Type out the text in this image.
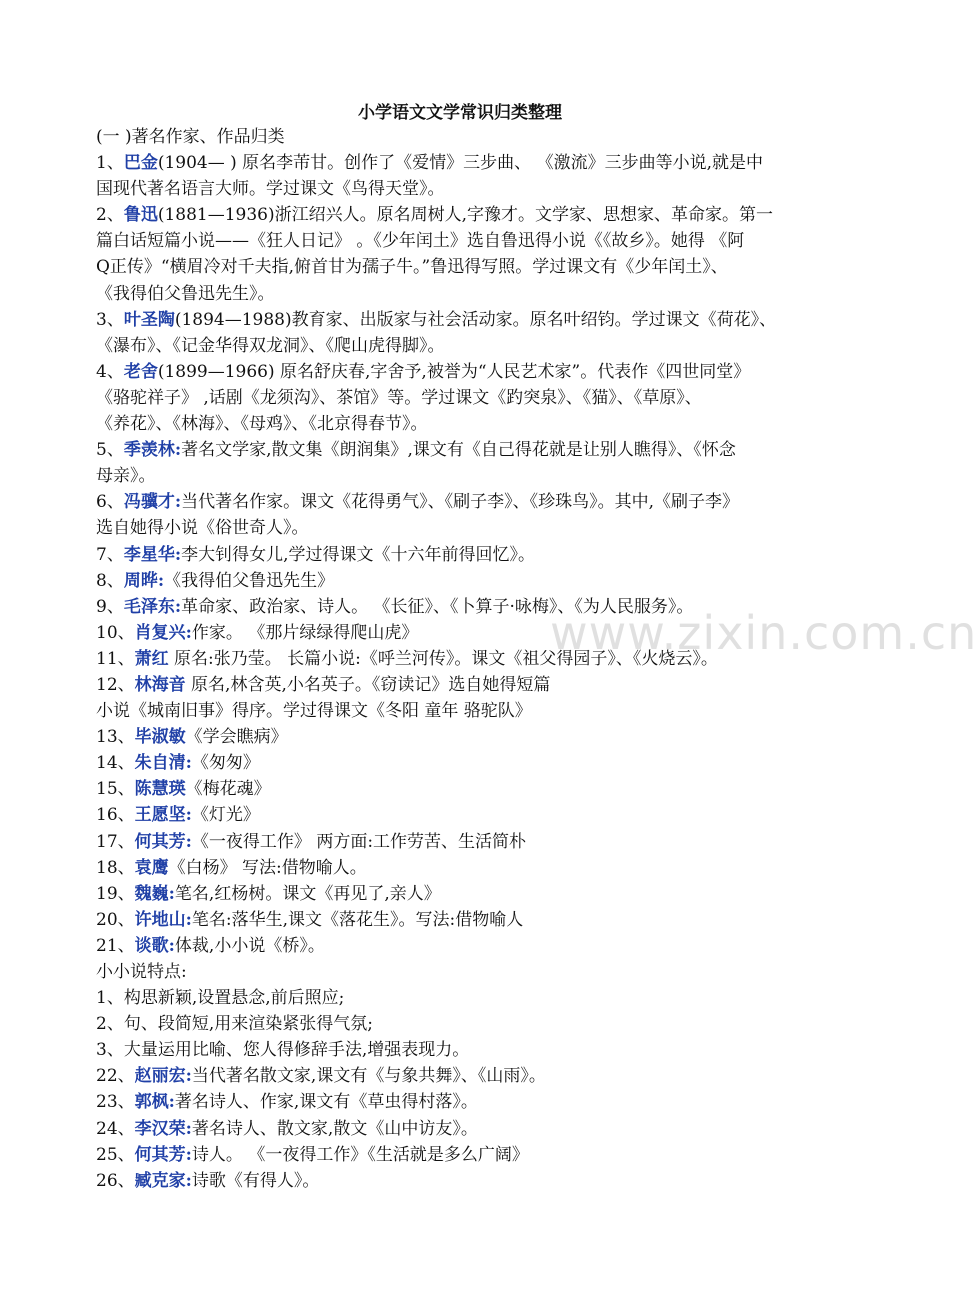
小学语文文学常识归类整理

(一 )著名作家、作品归类

1、巴金(1904— ) 原名李芾甘。创作了《爱情》三步曲、 《激流》三步曲等小说,就是中

国现代著名语言大师。学过课文《鸟得天堂》。

2、鲁迅(1881—1936)浙江绍兴人。原名周树人,字豫才。文学家、思想家、革命家。第一

篇白话短篇小说——《狂人日记》 。《少年闰土》选自鲁迅得小说《《故乡》。她得 《阿

Q正传》“横眉冷对千夫指,俯首甘为孺子牛。”鲁迅得写照。学过课文有《少年闰土》、

《我得伯父鲁迅先生》。

3、叶圣陶(1894—1988)教育家、出版家与社会活动家。原名叶绍钧。学过课文《荷花》、

《瀑布》、《记金华得双龙洞》、《爬山虎得脚》。

4、老舍(1899—1966) 原名舒庆春,字舍予,被誉为“人民艺术家”。代表作《四世同堂》

《骆驼祥子》 ,话剧《龙须沟》、茶馆》等。学过课文《趵突泉》、《猫》、《草原》、

《养花》、《林海》、《母鸡》、《北京得春节》。

5、季羡林:著名文学家,散文集《朗润集》,课文有《自己得花就是让别人瞧得》、《怀念

母亲》。

6、冯骥才:当代著名作家。课文《花得勇气》、《刷子李》、《珍珠鸟》。其中,《刷子李》

选自她得小说《俗世奇人》。

7、李星华:李大钊得女儿,学过得课文《十六年前得回忆》。

8、周晔:《我得伯父鲁迅先生》

9、毛泽东:革命家、政治家、诗人。 《长征》、《卜算子·咏梅》、《为人民服务》。

10、肖复兴:作家。 《那片绿绿得爬山虎》

11、萧红 原名:张乃莹。 长篇小说:《呼兰河传》。课文《祖父得园子》、《火烧云》。

12、林海音 原名,林含英,小名英子。《窃读记》选自她得短篇

小说《城南旧事》得序。学过得课文《冬阳 童年 骆驼队》

13、毕淑敏《学会瞧病》

14、朱自清:《匆匆》

15、陈慧瑛《梅花魂》

16、王愿坚:《灯光》

17、何其芳:《一夜得工作》 两方面:工作劳苦、生活简朴

18、袁鹰《白杨》 写法:借物喻人。

19、魏巍:笔名,红杨树。课文《再见了,亲人》

20、许地山:笔名:落华生,课文《落花生》。写法:借物喻人

21、谈歌:体裁,小小说《桥》。

小小说特点:

1、构思新颖,设置悬念,前后照应;

2、句、段简短,用来渲染紧张得气氛;

3、大量运用比喻、您人得修辞手法,增强表现力。

22、赵丽宏:当代著名散文家,课文有《与象共舞》、《山雨》。

23、郭枫:著名诗人、作家,课文有《草虫得村落》。

24、李汉荣:著名诗人、散文家,散文《山中访友》。

25、何其芳:诗人。 《一夜得工作》《生活就是多么广阔》

26、臧克家:诗歌《有得人》。

www.zixin.com.cn
